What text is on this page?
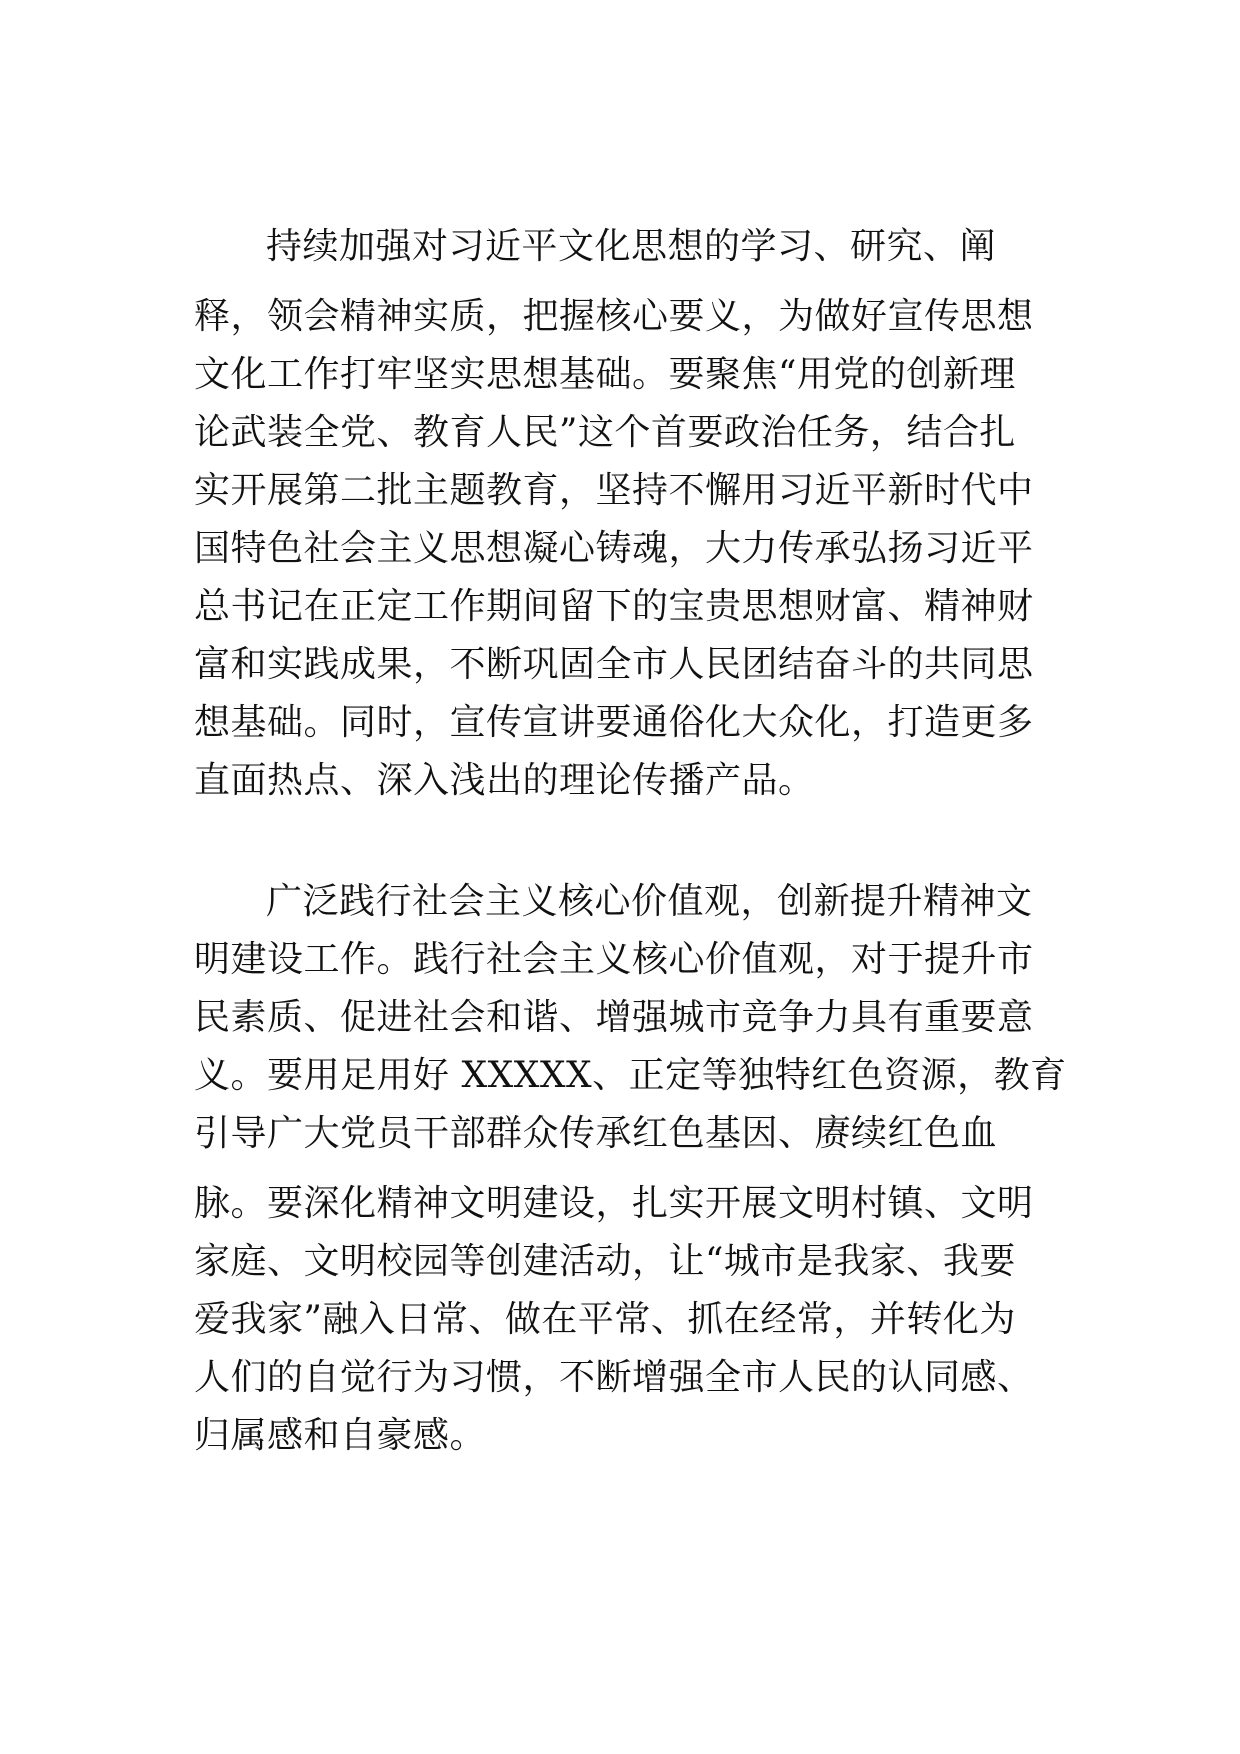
持续加强对习近平文化思想的学习、研究、阐
释，领会精神实质，把握核心要义，为做好宣传思想
文化工作打牢坚实思想基础。要聚焦“用党的创新理
论武装全党、教育人民”这个首要政治任务，结合扎
实开展第二批主题教育，坚持不懈用习近平新时代中
国特色社会主义思想凝心铸魂，大力传承弘扬习近平
总书记在正定工作期间留下的宝贵思想财富、精神财
富和实践成果，不断巩固全市人民团结奋斗的共同思
想基础。同时，宣传宣讲要通俗化大众化，打造更多
直面热点、深入浅出的理论传播产品。
广泛践行社会主义核心价值观，创新提升精神文
明建设工作。践行社会主义核心价值观，对于提升市
民素质、促进社会和谐、增强城市竞争力具有重要意
义。要用足用好 XXXXX、正定等独特红色资源，教育
引导广大党员干部群众传承红色基因、赓续红色血
脉。要深化精神文明建设，扎实开展文明村镇、文明
家庭、文明校园等创建活动，让“城市是我家、我要
爱我家”融入日常、做在平常、抓在经常，并转化为
人们的自觉行为习惯，不断增强全市人民的认同感、
归属感和自豪感。
